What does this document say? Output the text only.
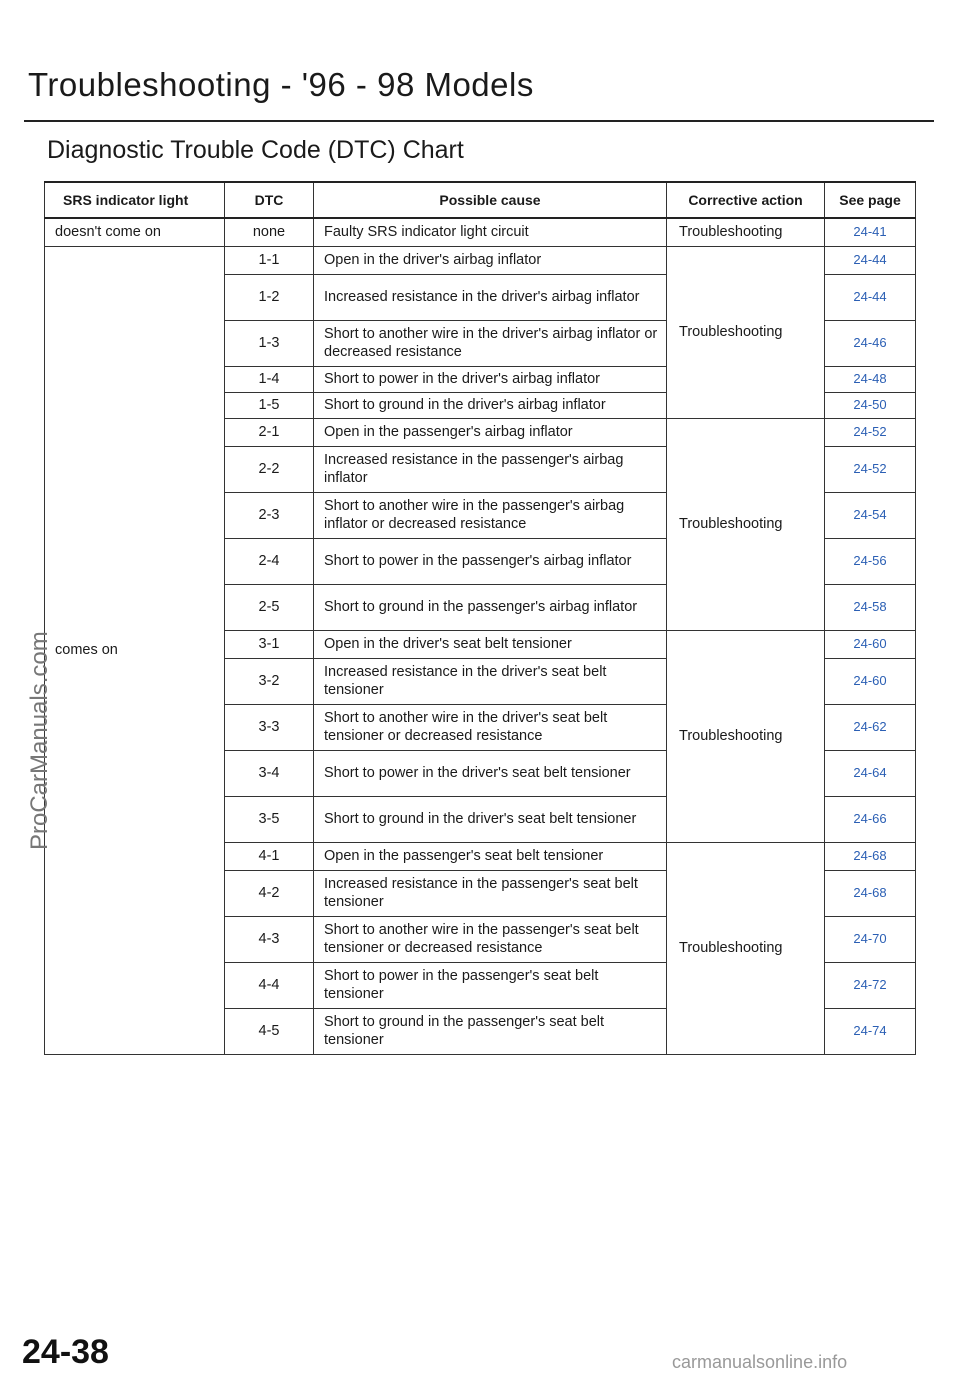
Troubleshooting - '96 - 98 Models
Diagnostic Trouble Code (DTC) Chart
SRS indicator light	DTC	Possible cause	Corrective action	See page
doesn't come on	none	Faulty SRS indicator light circuit	Troubleshooting	24-41
comes on	1-1	Open in the driver's airbag inflator	Troubleshooting	24-44
	1-2	Increased resistance in the driver's airbag inflator		24-44
	1-3	Short to another wire in the driver's airbag inflator or decreased resistance		24-46
	1-4	Short to power in the driver's airbag inflator		24-48
	1-5	Short to ground in the driver's airbag inflator		24-50
	2-1	Open in the passenger's airbag inflator	Troubleshooting	24-52
	2-2	Increased resistance in the passenger's airbag inflator		24-52
	2-3	Short to another wire in the passenger's airbag inflator or decreased resistance		24-54
	2-4	Short to power in the passenger's airbag inflator		24-56
	2-5	Short to ground in the passenger's airbag inflator		24-58
	3-1	Open in the driver's seat belt tensioner	Troubleshooting	24-60
	3-2	Increased resistance in the driver's seat belt tensioner		24-60
	3-3	Short to another wire in the driver's seat belt tensioner or decreased resistance		24-62
	3-4	Short to power in the driver's seat belt tensioner		24-64
	3-5	Short to ground in the driver's seat belt tensioner		24-66
	4-1	Open in the passenger's seat belt tensioner	Troubleshooting	24-68
	4-2	Increased resistance in the passenger's seat belt tensioner		24-68
	4-3	Short to another wire in the passenger's seat belt tensioner or decreased resistance		24-70
	4-4	Short to power in the passenger's seat belt tensioner		24-72
	4-5	Short to ground in the passenger's seat belt tensioner		24-74
ProCarManuals.com
24-38	carmanualsonline.info
